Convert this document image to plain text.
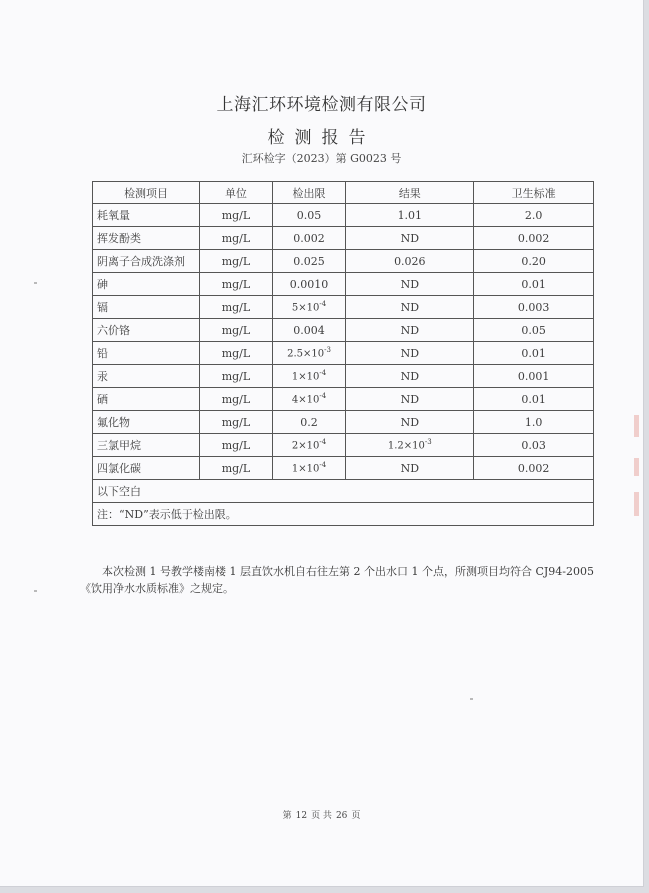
上海汇环环境检测有限公司
检测报告
汇环检字（2023）第 G0023 号
检测项目	单位	检出限	结果	卫生标准
耗氧量	mg/L	0.05	1.01	2.0
挥发酚类	mg/L	0.002	ND	0.002
阴离子合成洗涤剂	mg/L	0.025	0.026	0.20
砷	mg/L	0.0010	ND	0.01
镉	mg/L	$5\times 10^{-4}$	ND	0.003
六价铬	mg/L	0.004	ND	0.05
铅	mg/L	$2.5\times 10^{-3}$	ND	0.01
汞	mg/L	$1\times 10^{-4}$	ND	0.001
硒	mg/L	$4\times 10^{-4}$	ND	0.01
氟化物	mg/L	0.2	ND	1.0
三氯甲烷	mg/L	$2\times 10^{-4}$	$1.2\times 10^{-3}$	0.03
四氯化碳	mg/L	$1\times 10^{-4}$	ND	0.002
以下空白				
注：“ND”表示低于检出限。				
本次检测 1 号教学楼南楼 1 层直饮水机自右往左第 2 个出水口 1 个点，所测项目均符合 CJ94-2005《饮用净水水质标准》之规定。
第 12 页 共 26 页
